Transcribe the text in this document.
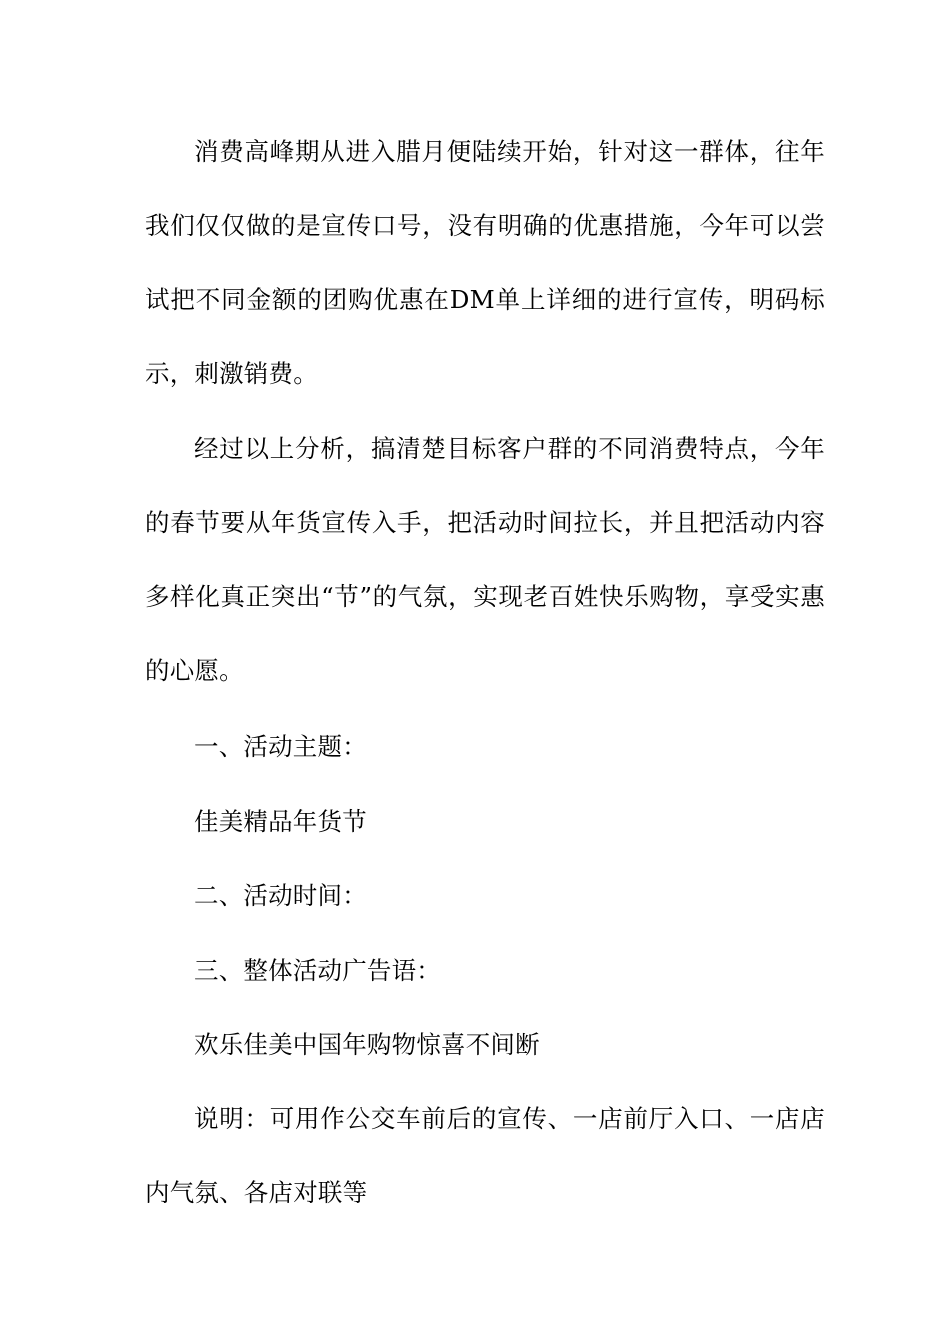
消费高峰期从进入腊月便陆续开始，针对这一群体，往年我们仅仅做的是宣传口号，没有明确的优惠措施，今年可以尝试把不同金额的团购优惠在DM单上详细的进行宣传，明码标示，刺激销费。

经过以上分析，搞清楚目标客户群的不同消费特点，今年的春节要从年货宣传入手，把活动时间拉长，并且把活动内容多样化真正突出“节”的气氛，实现老百姓快乐购物，享受实惠的心愿。

一、活动主题：

佳美精品年货节

二、活动时间：

三、整体活动广告语：

欢乐佳美中国年购物惊喜不间断

说明：可用作公交车前后的宣传、一店前厅入口、一店店内气氛、各店对联等
